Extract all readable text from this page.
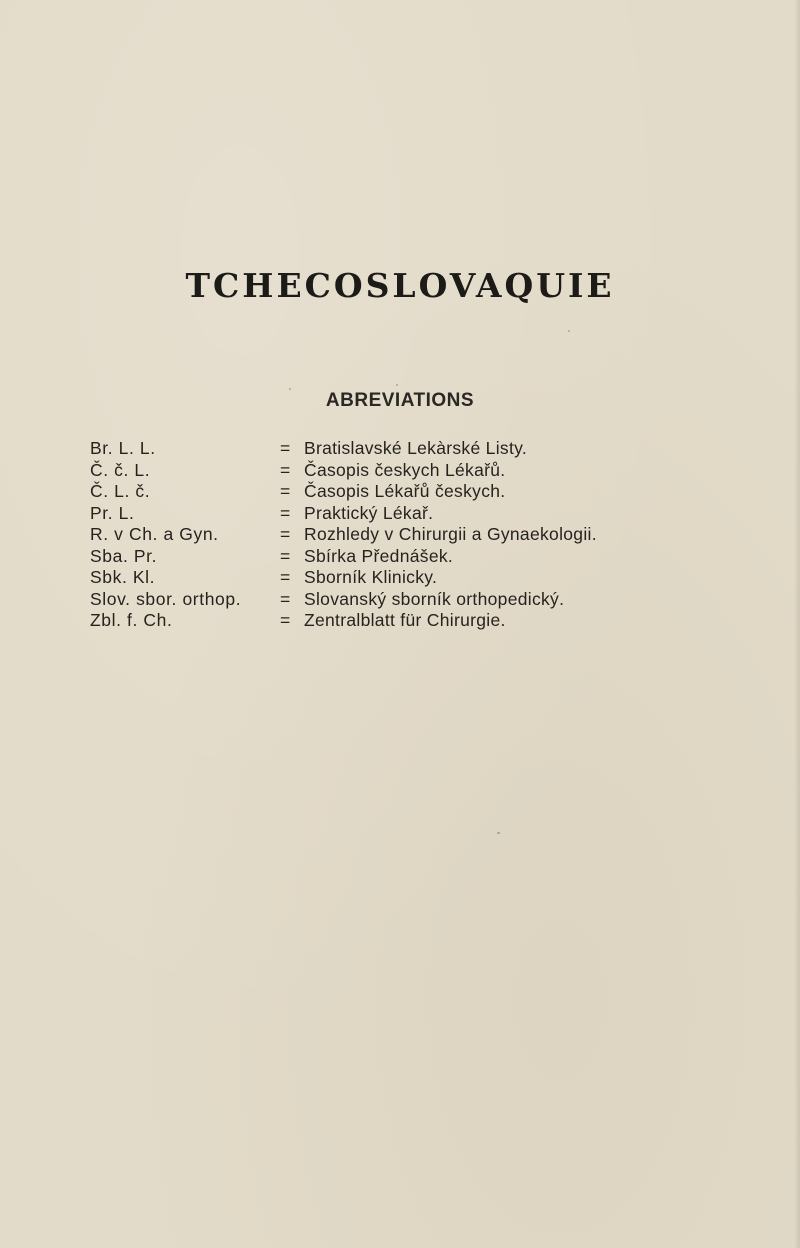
TCHECOSLOVAQUIE
ABREVIATIONS
Br. L. L.	= Bratislavské Lekàrské Listy.
Č. č. L.	= Časopis českych Lékařů.
Č. L. č.	= Časopis Lékařů českych.
Pr. L.	= Praktický Lékař.
R. v Ch. a Gyn.	= Rozhledy v Chirurgii a Gynaekologii.
Sba. Pr.	= Sbírka Přednášek.
Sbk. Kl.	= Sborník Klinicky.
Slov. sbor. orthop.	= Slovanský sborník orthopedický.
Zbl. f. Ch.	= Zentralblatt für Chirurgie.
